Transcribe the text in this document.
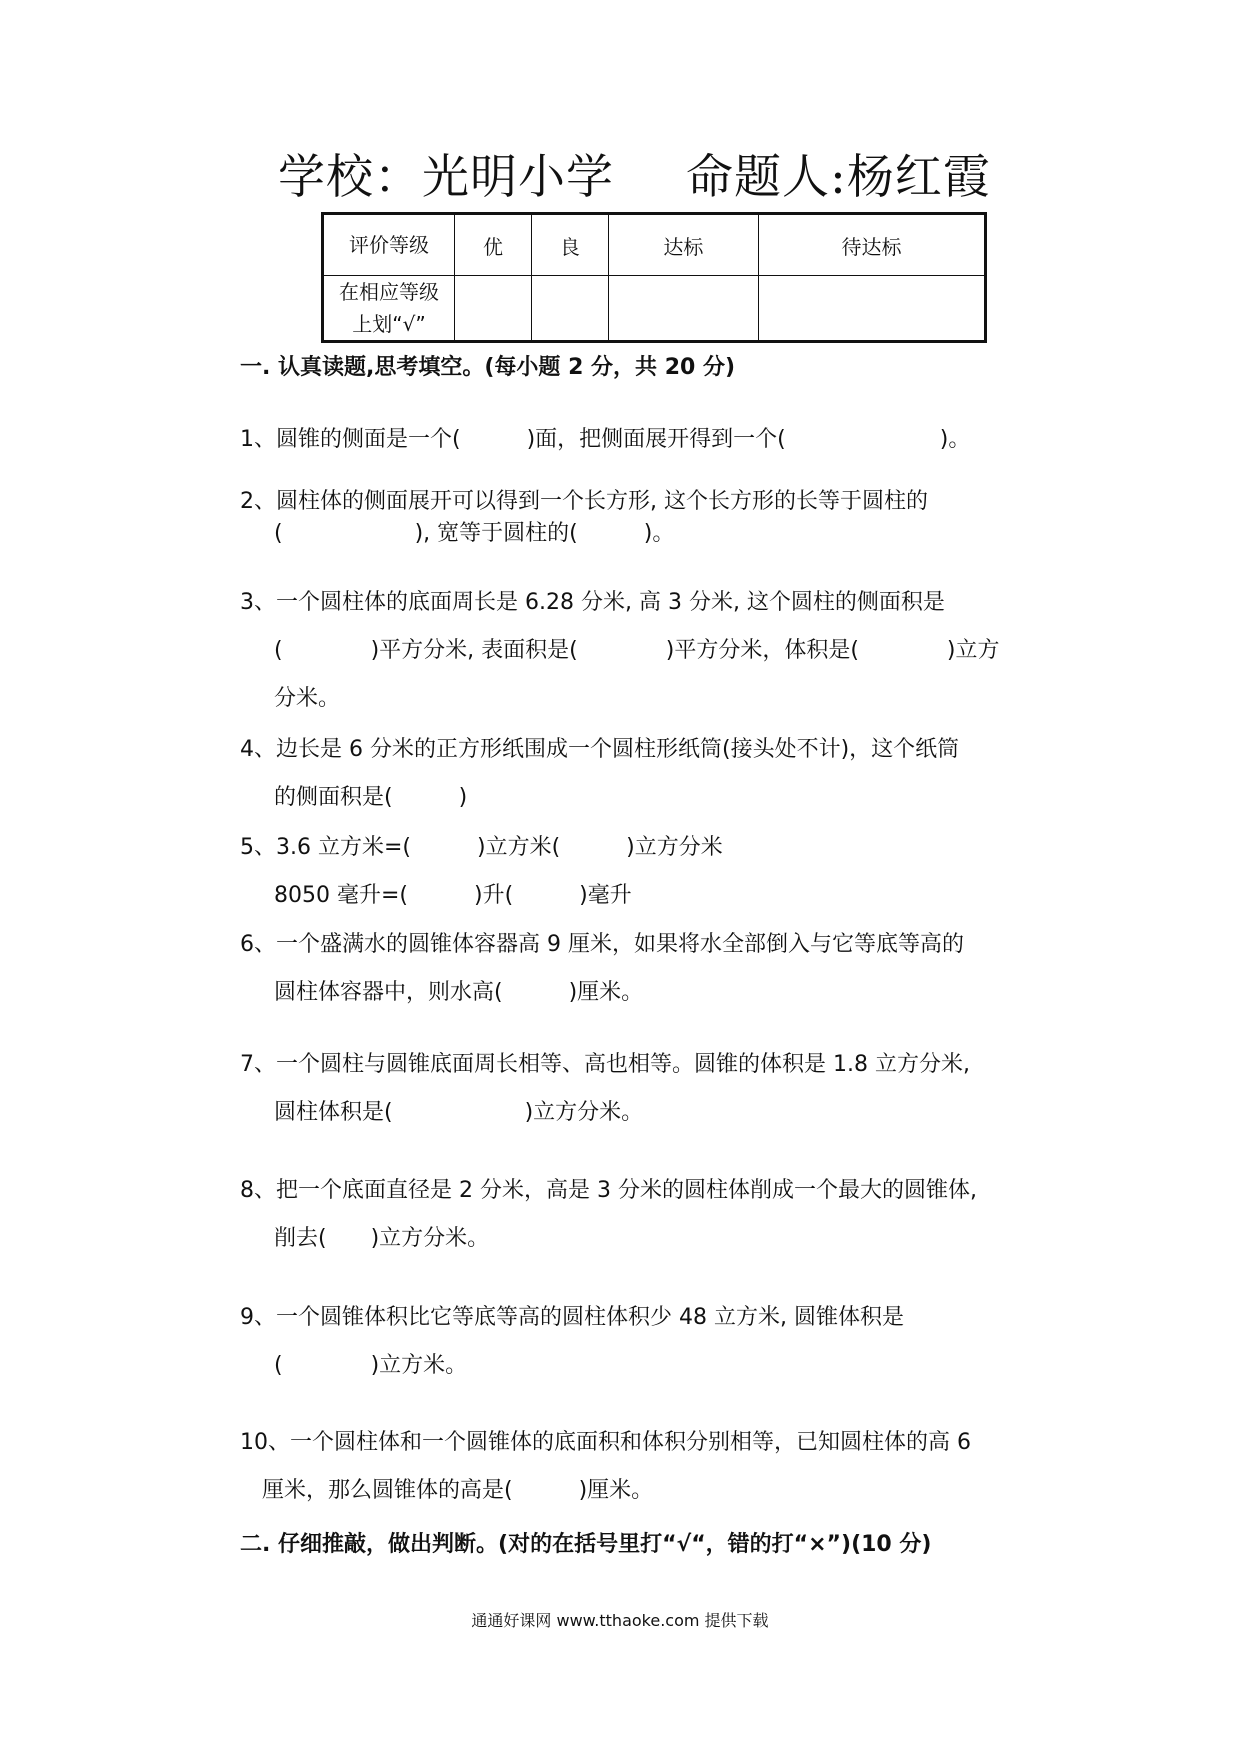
学校：光明小学 命题人:杨红霞
评价等级	优	良	达标	待达标
在相应等级
上划“√”				
一. 认真读题,思考填空。(每小题 2 分，共 20 分)

1、圆锥的侧面是一个(　　　)面，把侧面展开得到一个(　　　　　　　)。

2、圆柱体的侧面展开可以得到一个长方形, 这个长方形的长等于圆柱的

(　　　　　　), 宽等于圆柱的(　　　)。

3、一个圆柱体的底面周长是 6.28 分米, 高 3 分米, 这个圆柱的侧面积是

(　　　　)平方分米, 表面积是(　　　　)平方分米，体积是(　　　　)立方

分米。

4、边长是 6 分米的正方形纸围成一个圆柱形纸筒(接头处不计)，这个纸筒

的侧面积是(　　　)

5、3.6 立方米=(　　　)立方米(　　　)立方分米

8050 毫升=(　　　)升(　　　)毫升

6、一个盛满水的圆锥体容器高 9 厘米，如果将水全部倒入与它等底等高的

圆柱体容器中，则水高(　　　)厘米。

7、一个圆柱与圆锥底面周长相等、高也相等。圆锥的体积是 1.8 立方分米,

圆柱体积是(　　　　　　)立方分米。

8、把一个底面直径是 2 分米，高是 3 分米的圆柱体削成一个最大的圆锥体,

削去(　　)立方分米。

9、一个圆锥体积比它等底等高的圆柱体积少 48 立方米, 圆锥体积是

(　　　　)立方米。

10、一个圆柱体和一个圆锥体的底面积和体积分别相等，已知圆柱体的高 6

厘米，那么圆锥体的高是(　　　)厘米。

二. 仔细推敲，做出判断。(对的在括号里打“√“，错的打“×”)(10 分)
通通好课网 www.tthaoke.com 提供下载
